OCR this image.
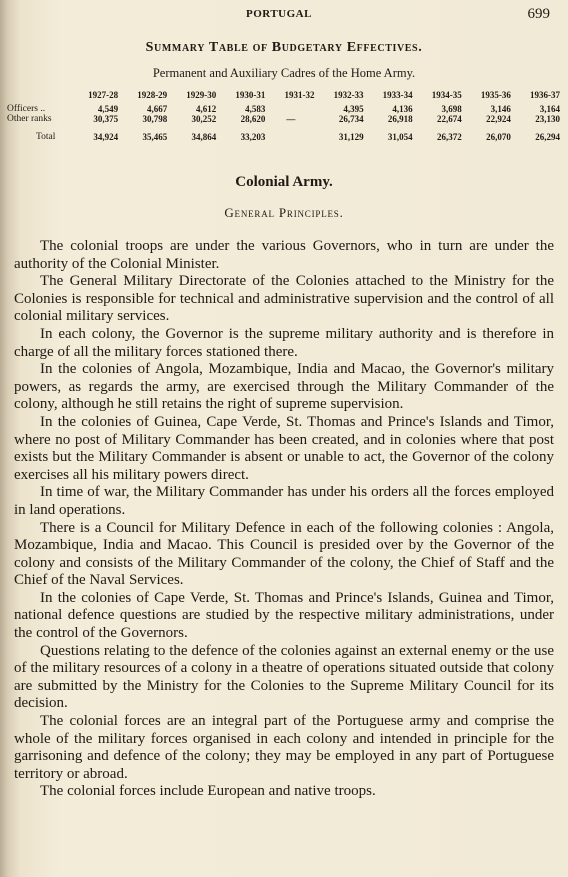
PORTUGAL	699
Summary Table of Budgetary Effectives.
Permanent and Auxiliary Cadres of the Home Army.
	1927-28	1928-29	1929-30	1930-31	1931-32	1932-33	1933-34	1934-35	1935-36	1936-37
Officers ..	4,549	4,667	4,612	4,583		4,395	4,136	3,698	3,146	3,164
Other ranks	30,375	30,798	30,252	28,620	—	26,734	26,918	22,674	22,924	23,130
Total	34,924	35,465	34,864	33,203		31,129	31,054	26,372	26,070	26,294
Colonial Army.
General Principles.

The colonial troops are under the various Governors, who in turn are under the authority of the Colonial Minister.

The General Military Directorate of the Colonies attached to the Ministry for the Colonies is responsible for technical and administrative supervision and the control of all colonial military services.

In each colony, the Governor is the supreme military authority and is therefore in charge of all the military forces stationed there.

In the colonies of Angola, Mozambique, India and Macao, the Governor's military powers, as regards the army, are exercised through the Military Commander of the colony, although he still retains the right of supreme supervision.

In the colonies of Guinea, Cape Verde, St. Thomas and Prince's Islands and Timor, where no post of Military Commander has been created, and in colonies where that post exists but the Military Commander is absent or unable to act, the Governor of the colony exercises all his military powers direct.

In time of war, the Military Commander has under his orders all the forces employed in land operations.

There is a Council for Military Defence in each of the following colonies : Angola, Mozambique, India and Macao. This Council is presided over by the Governor of the colony and consists of the Military Commander of the colony, the Chief of Staff and the Chief of the Naval Services.

In the colonies of Cape Verde, St. Thomas and Prince's Islands, Guinea and Timor, national defence questions are studied by the respective military administrations, under the control of the Governors.

Questions relating to the defence of the colonies against an external enemy or the use of the military resources of a colony in a theatre of operations situated outside that colony are submitted by the Ministry for the Colonies to the Supreme Military Council for its decision.

The colonial forces are an integral part of the Portuguese army and comprise the whole of the military forces organised in each colony and intended in principle for the garrisoning and defence of the colony; they may be employed in any part of Portuguese territory or abroad.

The colonial forces include European and native troops.
